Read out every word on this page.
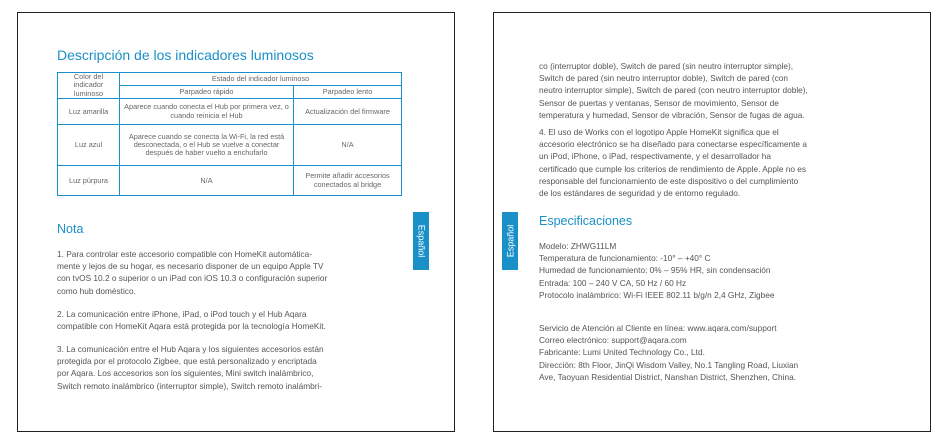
Descripción de los indicadores luminosos
Color del indicador luminoso	Estado del indicador luminoso	
	Parpadeo rápido	Parpadeo lento
Luz amarilla	Aparece cuando conecta el Hub por primera vez, o cuando reinicia el Hub	Actualización del firmware
Luz azul	Aparece cuando se conecta la Wi-Fi, la red está desconectada, o el Hub se vuelve a conectar después de haber vuelto a enchufarlo	N/A
Luz púrpura	N/A	Permite añadir accesorios conectados al bridge
Nota
1. Para controlar este accesorio compatible con HomeKit automática-
mente y lejos de su hogar, es necesario disponer de un equipo Apple TV
con tvOS 10.2 o superior o un iPad con iOS 10.3 o configuración superior
como hub doméstico.
2. La comunicación entre iPhone, iPad, o iPod touch y el Hub Aqara
compatible con HomeKit Aqara está protegida por la tecnología HomeKit.
3. La comunicación entre el Hub Aqara y los siguientes accesorios están
protegida por el protocolo Zigbee, que está personalizado y encriptada
por Aqara. Los accesorios son los siguientes, Mini switch inalámbrico,
Switch remoto inalámbrico (interruptor simple), Switch remoto inalámbri-
Español
co (interruptor doble), Switch de pared (sin neutro interruptor simple),
Switch de pared (sin neutro interruptor doble), Switch de pared (con
neutro interruptor simple), Switch de pared (con neutro interruptor doble),
Sensor de puertas y ventanas, Sensor de movimiento, Sensor de
temperatura y humedad, Sensor de vibración, Sensor de fugas de agua.
4. El uso de Works con el logotipo Apple HomeKit significa que el
accesorio electrónico se ha diseñado para conectarse específicamente a
un iPod, iPhone, o iPad, respectivamente, y el desarrollador ha
certificado que cumple los criterios de rendimiento de Apple. Apple no es
responsable del funcionamiento de este dispositivo o del cumplimiento
de los estándares de seguridad y de entorno regulado.
Especificaciones
Modelo: ZHWG11LM
Temperatura de funcionamiento: -10° – +40° C
Humedad de funcionamiento: 0% – 95% HR, sin condensación
Entrada: 100 – 240 V CA, 50 Hz / 60 Hz
Protocolo inalámbrico: Wi-Fi IEEE 802.11 b/g/n 2,4 GHz, Zigbee
Servicio de Atención al Cliente en línea: www.aqara.com/support
Correo electrónico: support@aqara.com
Fabricante: Lumi United Technology Co., Ltd.
Dirección: 8th Floor, JinQi Wisdom Valley, No.1 Tangling Road, Liuxian
Ave, Taoyuan Residential District, Nanshan District, Shenzhen, China.
Español
